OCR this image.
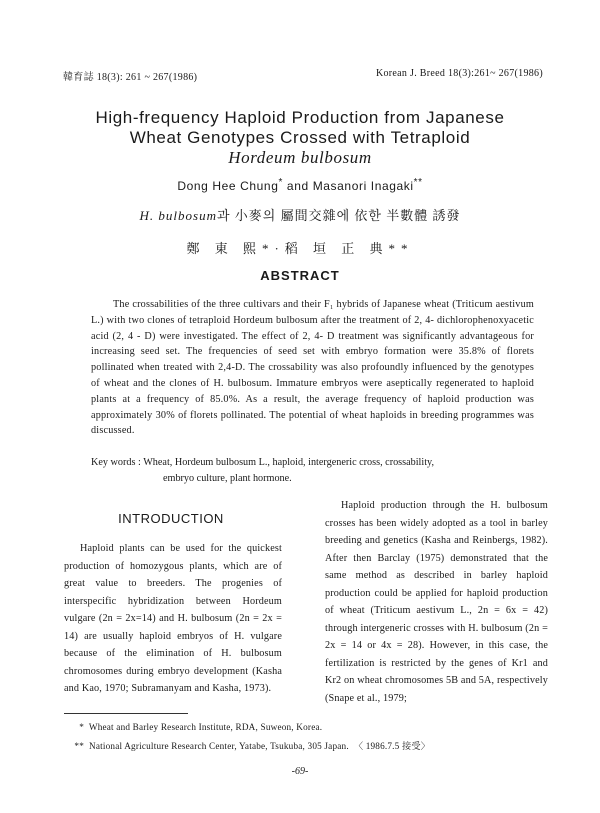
韓育誌 18(3): 261 ~ 267(1986)	Korean J. Breed 18(3):261~ 267(1986)
High-frequency Haploid Production from Japanese
Wheat Genotypes Crossed with Tetraploid
Hordeum bulbosum
Dong Hee Chung* and Masanori Inagaki**
H. bulbosum과 小麥의 屬間交雜에 依한 半數體 誘發
鄭 東 熙*·稻 垣 正 典**
ABSTRACT

The crossabilities of the three cultivars and their F₁ hybrids of Japanese wheat (Triticum aestivum L.) with two clones of tetraploid Hordeum bulbosum after the treatment of 2, 4- dichlorophenoxyacetic acid (2, 4 - D) were investigated. The effect of 2, 4- D treatment was significantly advantageous for increasing seed set. The frequencies of seed set with embryo formation were 35.8% of florets pollinated when treated with 2,4-D. The crossability was also profoundly influenced by the genotypes of wheat and the clones of H. bulbosum. Immature embryos were aseptically regenerated to haploid plants at a frequency of 85.0%. As a result, the average frequency of haploid production was approximately 30% of florets pollinated. The potential of wheat haploids in breeding programmes was discussed.

Key words : Wheat, Hordeum bulbosum L., haploid, intergeneric cross, crossability,
embryo culture, plant hormone.
INTRODUCTION

Haploid plants can be used for the quickest production of homozygous plants, which are of great value to breeders. The progenies of interspecific hybridization between Hordeum vulgare (2n = 2x=14) and H. bulbosum (2n = 2x = 14) are usually haploid embryos of H. vulgare because of the elimination of H. bulbosum chromosomes during embryo development (Kasha and Kao, 1970; Subramanyam and Kasha, 1973).

Haploid production through the H. bulbosum crosses has been widely adopted as a tool in barley breeding and genetics (Kasha and Reinbergs, 1982). After then Barclay (1975) demonstrated that the same method as described in barley haploid production could be applied for haploid production of wheat (Triticum aestivum L., 2n = 6x = 42) through intergeneric crosses with H. bulbosum (2n = 2x = 14 or 4x = 28). However, in this case, the fertilization is restricted by the genes of Kr1 and Kr2 on wheat chromosomes 5B and 5A, respectively (Snape et al., 1979;

* Wheat and Barley Research Institute, RDA, Suweon, Korea.
** National Agriculture Research Center, Yatabe, Tsukuba, 305 Japan. 〈 1986.7.5 接受〉
-69-
